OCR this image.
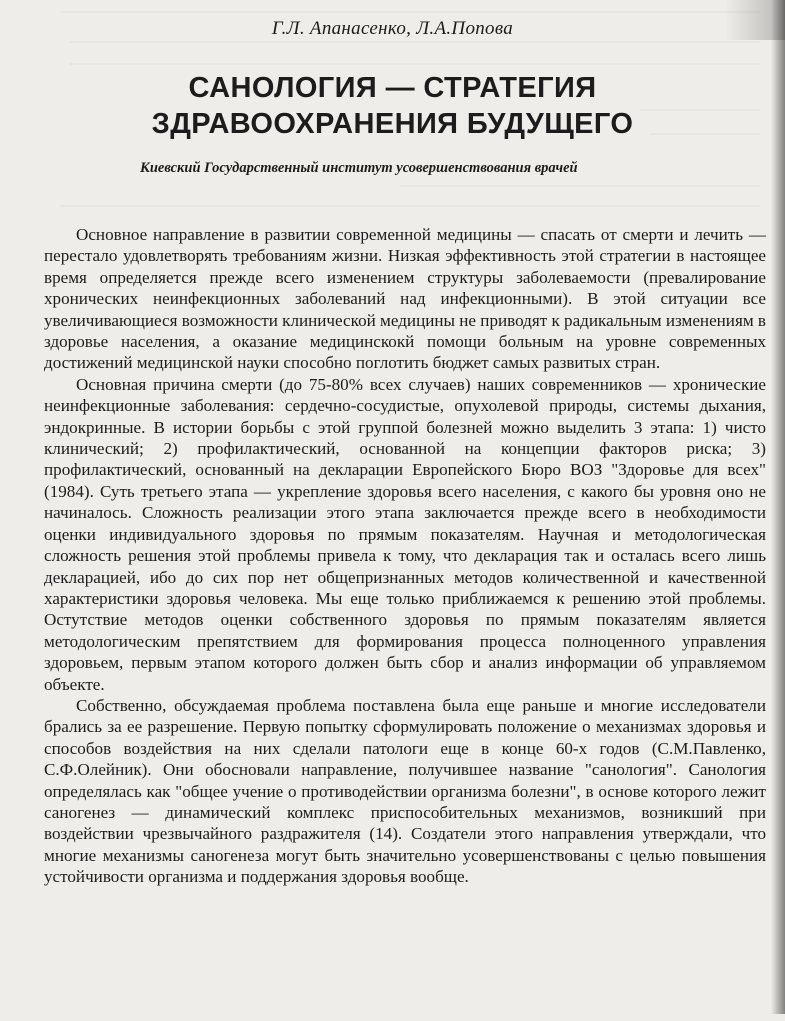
Г.Л. Апанасенко, Л.А.Попова
САНОЛОГИЯ — СТРАТЕГИЯ
ЗДРАВООХРАНЕНИЯ БУДУЩЕГО
Киевский Государственный институт усовершенствования врачей

Основное направление в развитии современной медицины — спасать от смерти и лечить — перестало удовлетворять требованиям жизни. Низкая эффективность этой стратегии в настоящее время определяется прежде всего изменением структуры заболеваемости (превалирование хронических неинфекционных заболеваний над инфекционными). В этой ситуации все увеличивающиеся возможности клинической медицины не приводят к радикальным изменениям в здоровье населения, а оказание медицинскокй помощи больным на уровне современных достижений медицинской науки способно поглотить бюджет самых развитых стран.

Основная причина смерти (до 75-80% всех случаев) наших современников — хронические неинфекционные заболевания: сердечно-сосудистые, опухолевой природы, системы дыхания, эндокринные. В истории борьбы с этой группой болезней можно выделить 3 этапа: 1) чисто клинический; 2) профилактический, основанной на концепции факторов риска; 3) профилактический, основанный на декларации Европейского Бюро ВОЗ "Здоровье для всех" (1984). Суть третьего этапа — укрепление здоровья всего населения, с какого бы уровня оно не начиналось. Сложность реализации этого этапа заключается прежде всего в необходимости оценки индивидуального здоровья по прямым показателям. Научная и методологическая сложность решения этой проблемы привела к тому, что декларация так и осталась всего лишь декларацией, ибо до сих пор нет общепризнанных методов количественной и качественной характеристики здоровья человека. Мы еще только приближаемся к решению этой проблемы. Остутствие методов оценки собственного здоровья по прямым показателям является методологическим препятствием для формирования процесса полноценного управления здоровьем, первым этапом которого должен быть сбор и анализ информации об управляемом объекте.

Собственно, обсуждаемая проблема поставлена была еще раньше и многие исследователи брались за ее разрешение. Первую попытку сформулировать положение о механизмах здоровья и способов воздействия на них сделали патологи еще в конце 60-х годов (С.М.Павленко, С.Ф.Олейник). Они обосновали направление, получившее название "санология". Санология определялась как "общее учение о противодействии организма болезни", в основе которого лежит саногенез — динамический комплекс приспособительных механизмов, возникший при воздействии чрезвычайного раздражителя (14). Создатели этого направления утверждали, что многие механизмы саногенеза могут быть значительно усовершенствованы с целью повышения устойчивости организма и поддержания здоровья вообще.
